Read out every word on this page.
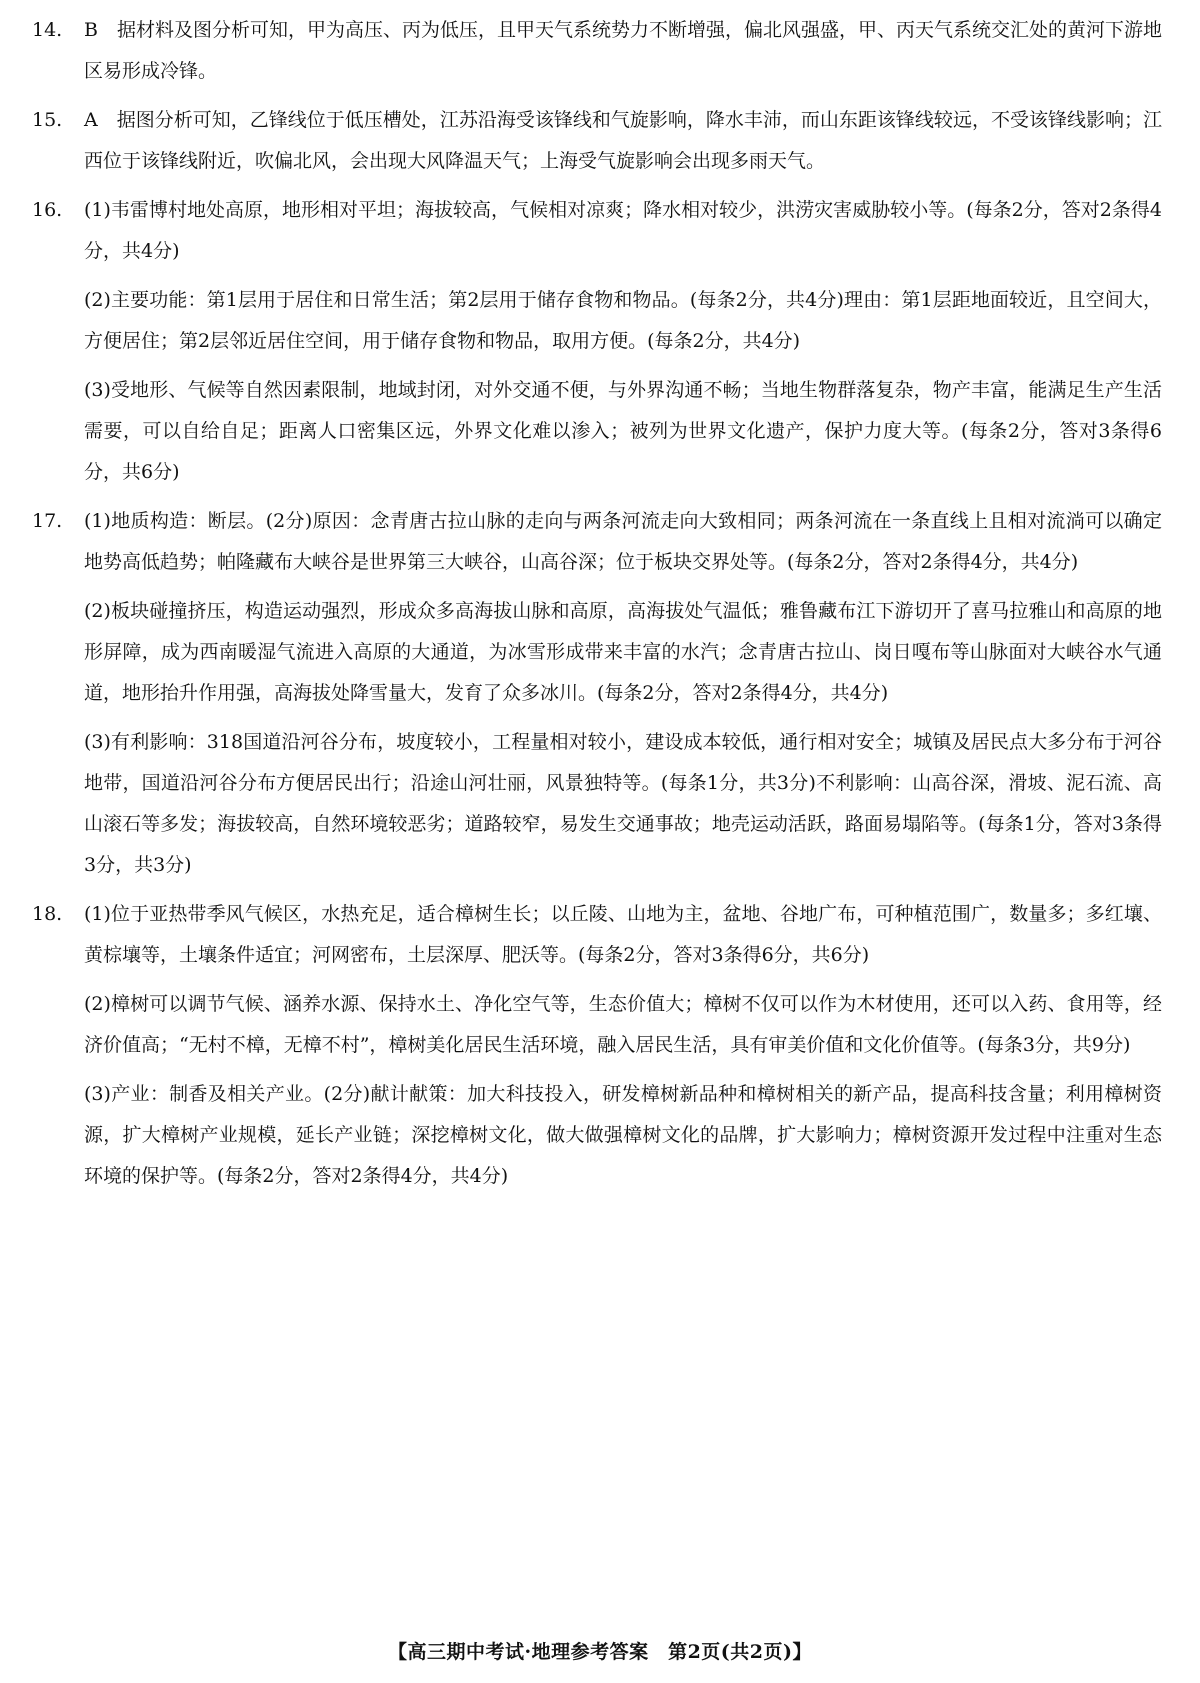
14.	B　据材料及图分析可知，甲为高压、丙为低压，且甲天气系统势力不断增强，偏北风强盛，甲、丙天气系统交汇处的黄河下游地区易形成冷锋。
15.	A　据图分析可知，乙锋线位于低压槽处，江苏沿海受该锋线和气旋影响，降水丰沛，而山东距该锋线较远，不受该锋线影响；江西位于该锋线附近，吹偏北风，会出现大风降温天气；上海受气旋影响会出现多雨天气。
16.	(1)韦雷博村地处高原，地形相对平坦；海拔较高，气候相对凉爽；降水相对较少，洪涝灾害威胁较小等。(每条2分，答对2条得4分，共4分)
(2)主要功能：第1层用于居住和日常生活；第2层用于储存食物和物品。(每条2分，共4分)理由：第1层距地面较近，且空间大，方便居住；第2层邻近居住空间，用于储存食物和物品，取用方便。(每条2分，共4分)
(3)受地形、气候等自然因素限制，地域封闭，对外交通不便，与外界沟通不畅；当地生物群落复杂，物产丰富，能满足生产生活需要，可以自给自足；距离人口密集区远，外界文化难以渗入；被列为世界文化遗产，保护力度大等。(每条2分，答对3条得6分，共6分)
17.	(1)地质构造：断层。(2分)原因：念青唐古拉山脉的走向与两条河流走向大致相同；两条河流在一条直线上且相对流淌可以确定地势高低趋势；帕隆藏布大峡谷是世界第三大峡谷，山高谷深；位于板块交界处等。(每条2分，答对2条得4分，共4分)
(2)板块碰撞挤压，构造运动强烈，形成众多高海拔山脉和高原，高海拔处气温低；雅鲁藏布江下游切开了喜马拉雅山和高原的地形屏障，成为西南暖湿气流进入高原的大通道，为冰雪形成带来丰富的水汽；念青唐古拉山、岗日嘎布等山脉面对大峡谷水气通道，地形抬升作用强，高海拔处降雪量大，发育了众多冰川。(每条2分，答对2条得4分，共4分)
(3)有利影响：318国道沿河谷分布，坡度较小，工程量相对较小，建设成本较低，通行相对安全；城镇及居民点大多分布于河谷地带，国道沿河谷分布方便居民出行；沿途山河壮丽，风景独特等。(每条1分，共3分)不利影响：山高谷深，滑坡、泥石流、高山滚石等多发；海拔较高，自然环境较恶劣；道路较窄，易发生交通事故；地壳运动活跃，路面易塌陷等。(每条1分，答对3条得3分，共3分)
18.	(1)位于亚热带季风气候区，水热充足，适合樟树生长；以丘陵、山地为主，盆地、谷地广布，可种植范围广，数量多；多红壤、黄棕壤等，土壤条件适宜；河网密布，土层深厚、肥沃等。(每条2分，答对3条得6分，共6分)
(2)樟树可以调节气候、涵养水源、保持水土、净化空气等，生态价值大；樟树不仅可以作为木材使用，还可以入药、食用等，经济价值高；“无村不樟，无樟不村”，樟树美化居民生活环境，融入居民生活，具有审美价值和文化价值等。(每条3分，共9分)
(3)产业：制香及相关产业。(2分)献计献策：加大科技投入，研发樟树新品种和樟树相关的新产品，提高科技含量；利用樟树资源，扩大樟树产业规模，延长产业链；深挖樟树文化，做大做强樟树文化的品牌，扩大影响力；樟树资源开发过程中注重对生态环境的保护等。(每条2分，答对2条得4分，共4分)
【高三期中考试·地理参考答案　第2页(共2页)】
